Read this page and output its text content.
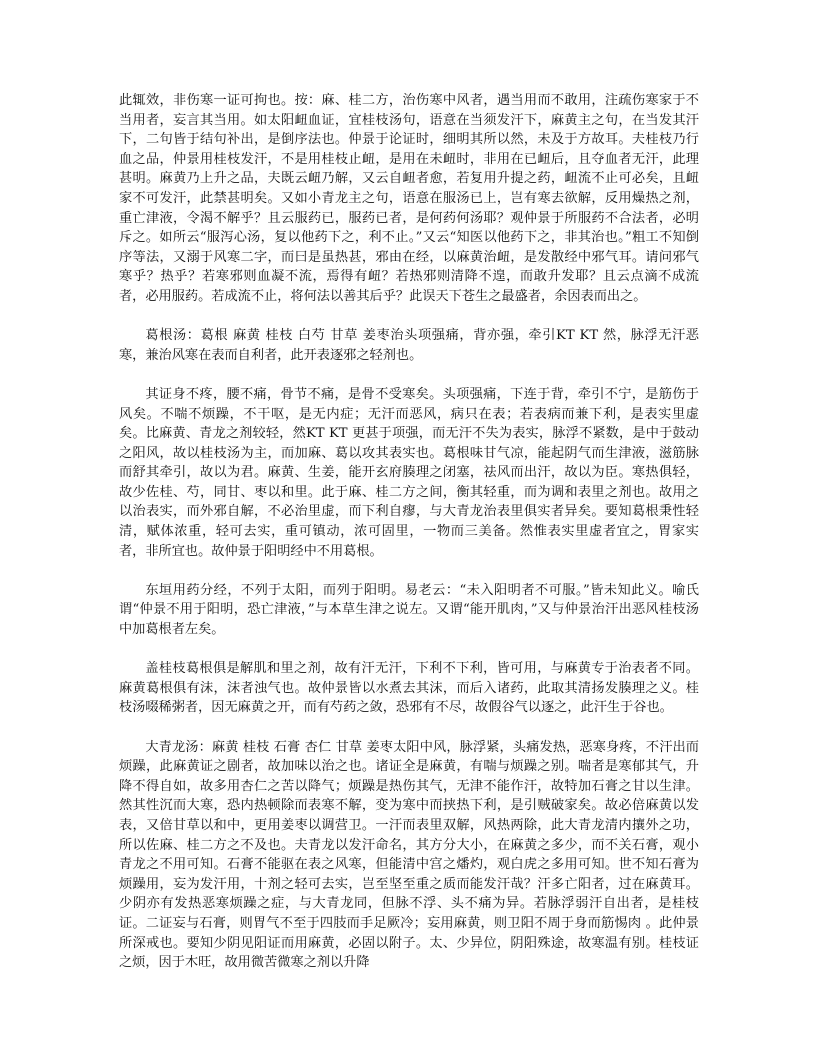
此辄效，非伤寒一证可拘也。按：麻、桂二方，治伤寒中风者，遇当用而不敢用，注疏伤寒家于不当用者，妄言其当用。如太阳衄血证，宜桂枝汤句，语意在当须发汗下，麻黄主之句，在当发其汗下，二句皆于结句补出，是倒序法也。仲景于论证时，细明其所以然，未及于方故耳。夫桂枝乃行血之品，仲景用桂枝发汗，不是用桂枝止衄，是用在未衄时，非用在已衄后，且夺血者无汗，此理甚明。麻黄乃上升之品，夫既云衄乃解，又云自衄者愈，若复用升提之药，衄流不止可必矣，且衄家不可发汗，此禁甚明矣。又如小青龙主之句，语意在服汤已上，岂有寒去欲解，反用燥热之剂，重亡津液，令渴不解乎？且云服药已，服药已者，是何药何汤耶？观仲景于所服药不合法者，必明斥之。如所云“服泻心汤，复以他药下之，利不止。”又云“知医以他药下之，非其治也。”粗工不知倒序等法，又溺于风寒二字，而曰是虽热甚，邪由在经，以麻黄治衄，是发散经中邪气耳。请问邪气寒乎？热乎？若寒邪则血凝不流，焉得有衄？若热邪则清降不遑，而敢升发耶？且云点滴不成流者，必用服药。若成流不止，将何法以善其后乎？此误天下苍生之最盛者，余因表而出之。

葛根汤：葛根 麻黄 桂枝 白芍 甘草 姜枣治头项强痛，背亦强，牵引KT KT 然，脉浮无汗恶寒，兼治风寒在表而自利者，此开表逐邪之轻剂也。

其证身不疼，腰不痛，骨节不痛，是骨不受寒矣。头项强痛，下连于背，牵引不宁，是筋伤于风矣。不喘不烦躁，不干呕，是无内症；无汗而恶风，病只在表；若表病而兼下利，是表实里虚矣。比麻黄、青龙之剂较轻，然KT KT 更甚于项强，而无汗不失为表实，脉浮不紧数，是中于鼓动之阳风，故以桂枝汤为主，而加麻、葛以攻其表实也。葛根味甘气凉，能起阴气而生津液，滋筋脉而舒其牵引，故以为君。麻黄、生姜，能开玄府腠理之闭塞，祛风而出汗，故以为臣。寒热俱轻，故少佐桂、芍，同甘、枣以和里。此于麻、桂二方之间，衡其轻重，而为调和表里之剂也。故用之以治表实，而外邪自解，不必治里虚，而下利自瘳，与大青龙治表里俱实者异矣。要知葛根秉性轻清，赋体浓重，轻可去实，重可镇动，浓可固里，一物而三美备。然惟表实里虚者宜之，胃家实者，非所宜也。故仲景于阳明经中不用葛根。

东垣用药分经，不列于太阳，而列于阳明。易老云：“未入阳明者不可服。”皆未知此义。喻氏谓“仲景不用于阳明，恐亡津液，”与本草生津之说左。又谓“能开肌肉，”又与仲景治汗出恶风桂枝汤中加葛根者左矣。

盖桂枝葛根俱是解肌和里之剂，故有汗无汗，下利不下利，皆可用，与麻黄专于治表者不同。麻黄葛根俱有沫，沫者浊气也。故仲景皆以水煮去其沫，而后入诸药，此取其清扬发腠理之义。桂枝汤啜稀粥者，因无麻黄之开，而有芍药之敛，恐邪有不尽，故假谷气以逐之，此汗生于谷也。

大青龙汤：麻黄 桂枝 石膏 杏仁 甘草 姜枣太阳中风，脉浮紧，头痛发热，恶寒身疼，不汗出而烦躁，此麻黄证之剧者，故加味以治之也。诸证全是麻黄，有喘与烦躁之别。喘者是寒郁其气，升降不得自如，故多用杏仁之苦以降气；烦躁是热伤其气，无津不能作汗，故特加石膏之甘以生津。然其性沉而大寒，恐内热顿除而表寒不解，变为寒中而挟热下利，是引贼破家矣。故必倍麻黄以发表，又倍甘草以和中，更用姜枣以调营卫。一汗而表里双解，风热两除，此大青龙清内攘外之功，所以佐麻、桂二方之不及也。夫青龙以发汗命名，其方分大小，在麻黄之多少，而不关石膏，观小青龙之不用可知。石膏不能驱在表之风寒，但能清中宫之燔灼，观白虎之多用可知。世不知石膏为烦躁用，妄为发汗用，十剂之轻可去实，岂至坚至重之质而能发汗哉？汗多亡阳者，过在麻黄耳。少阴亦有发热恶寒烦躁之症，与大青龙同，但脉不浮、头不痛为异。若脉浮弱汗自出者，是桂枝证。二证妄与石膏，则胃气不至于四肢而手足厥冷；妄用麻黄，则卫阳不周于身而筋惕肉 。此仲景所深戒也。要知少阴见阳证而用麻黄，必固以附子。太、少异位，阴阳殊途，故寒温有别。桂枝证之烦，因于木旺，故用微苦微寒之剂以升降
